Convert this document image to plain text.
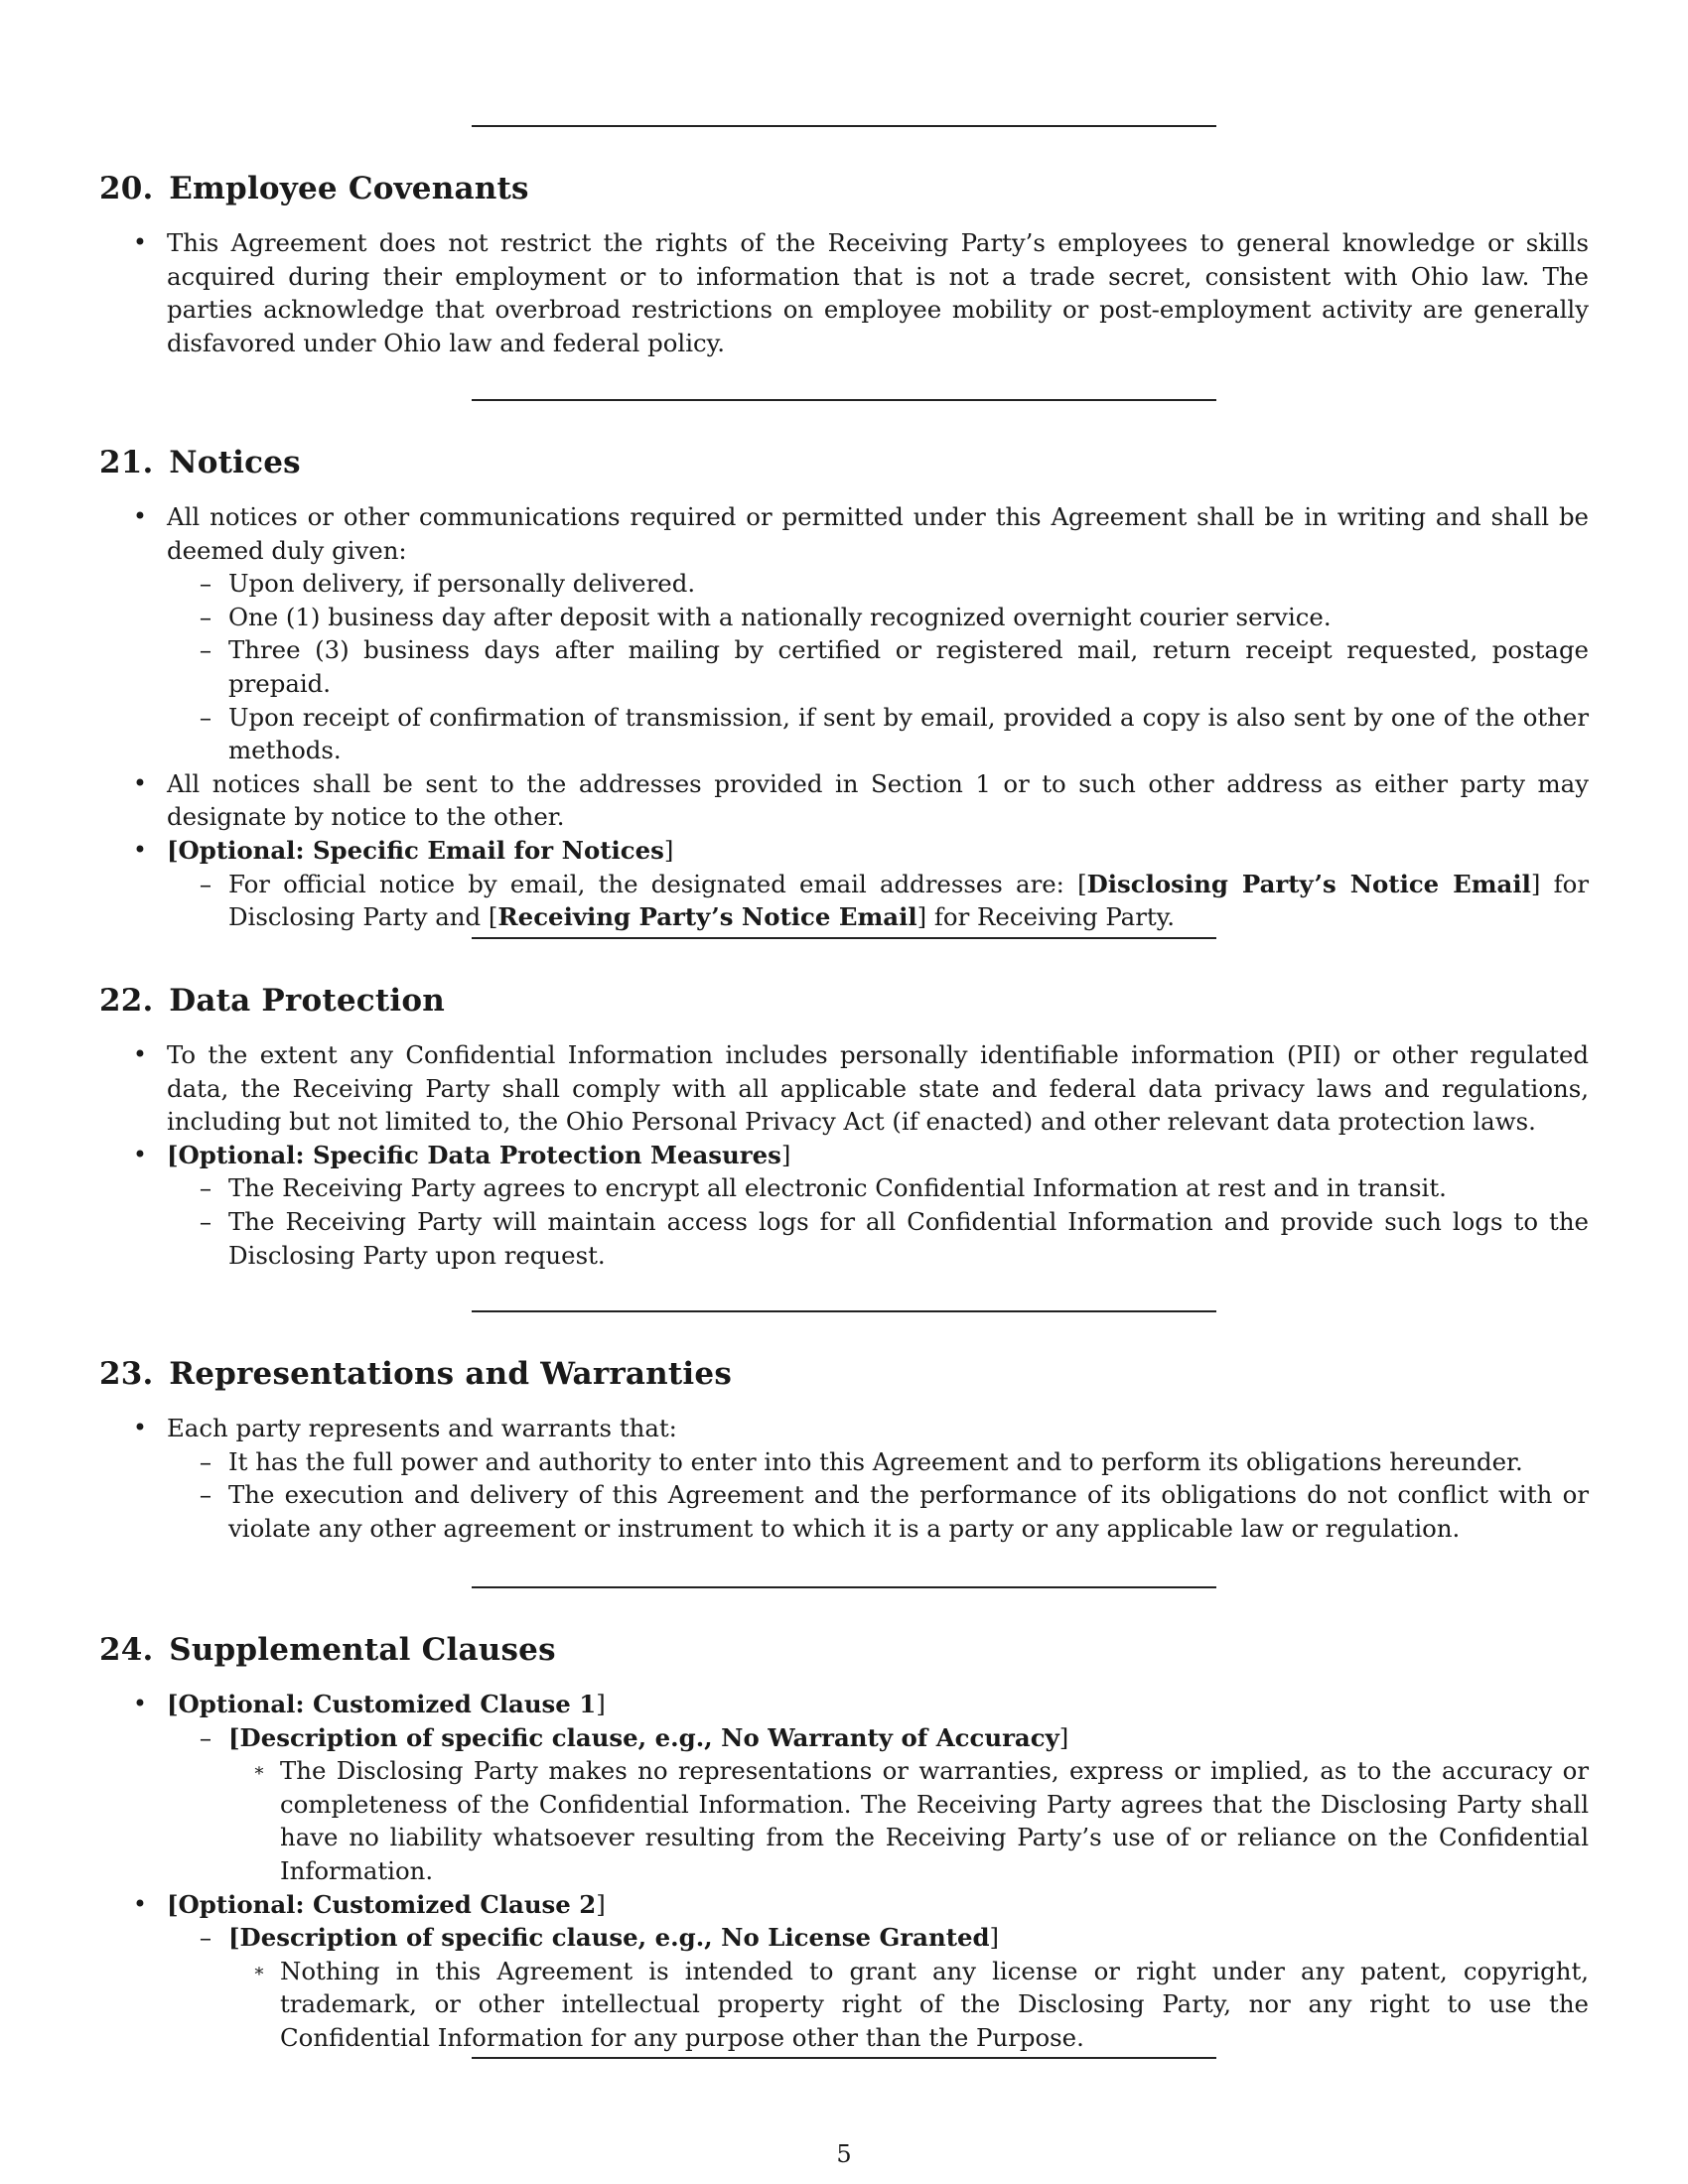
20. Employee Covenants
• This Agreement does not restrict the rights of the Receiving Party’s employees to general knowledge or skills acquired during their employment or to information that is not a trade secret, consistent with Ohio law. The parties acknowledge that overbroad restrictions on employee mobility or post-employment activity are generally disfavored under Ohio law and federal policy.
21. Notices
• All notices or other communications required or permitted under this Agreement shall be in writing and shall be deemed duly given:
– Upon delivery, if personally delivered.
– One (1) business day after deposit with a nationally recognized overnight courier service.
– Three (3) business days after mailing by certified or registered mail, return receipt requested, postage prepaid.
– Upon receipt of confirmation of transmission, if sent by email, provided a copy is also sent by one of the other methods.
• All notices shall be sent to the addresses provided in Section 1 or to such other address as either party may designate by notice to the other.
• [Optional: Specific Email for Notices]
– For official notice by email, the designated email addresses are: [Disclosing Party’s Notice Email] for Disclosing Party and [Receiving Party’s Notice Email] for Receiving Party.
22. Data Protection
• To the extent any Confidential Information includes personally identifiable information (PII) or other regulated data, the Receiving Party shall comply with all applicable state and federal data privacy laws and regulations, including but not limited to, the Ohio Personal Privacy Act (if enacted) and other relevant data protection laws.
• [Optional: Specific Data Protection Measures]
– The Receiving Party agrees to encrypt all electronic Confidential Information at rest and in transit.
– The Receiving Party will maintain access logs for all Confidential Information and provide such logs to the Disclosing Party upon request.
23. Representations and Warranties
• Each party represents and warrants that:
– It has the full power and authority to enter into this Agreement and to perform its obligations hereunder.
– The execution and delivery of this Agreement and the performance of its obligations do not conflict with or violate any other agreement or instrument to which it is a party or any applicable law or regulation.
24. Supplemental Clauses
• [Optional: Customized Clause 1]
– [Description of specific clause, e.g., No Warranty of Accuracy]
∗ The Disclosing Party makes no representations or warranties, express or implied, as to the accuracy or completeness of the Confidential Information. The Receiving Party agrees that the Disclosing Party shall have no liability whatsoever resulting from the Receiving Party’s use of or reliance on the Confidential Information.
• [Optional: Customized Clause 2]
– [Description of specific clause, e.g., No License Granted]
∗ Nothing in this Agreement is intended to grant any license or right under any patent, copyright, trademark, or other intellectual property right of the Disclosing Party, nor any right to use the Confidential Information for any purpose other than the Purpose.
5
